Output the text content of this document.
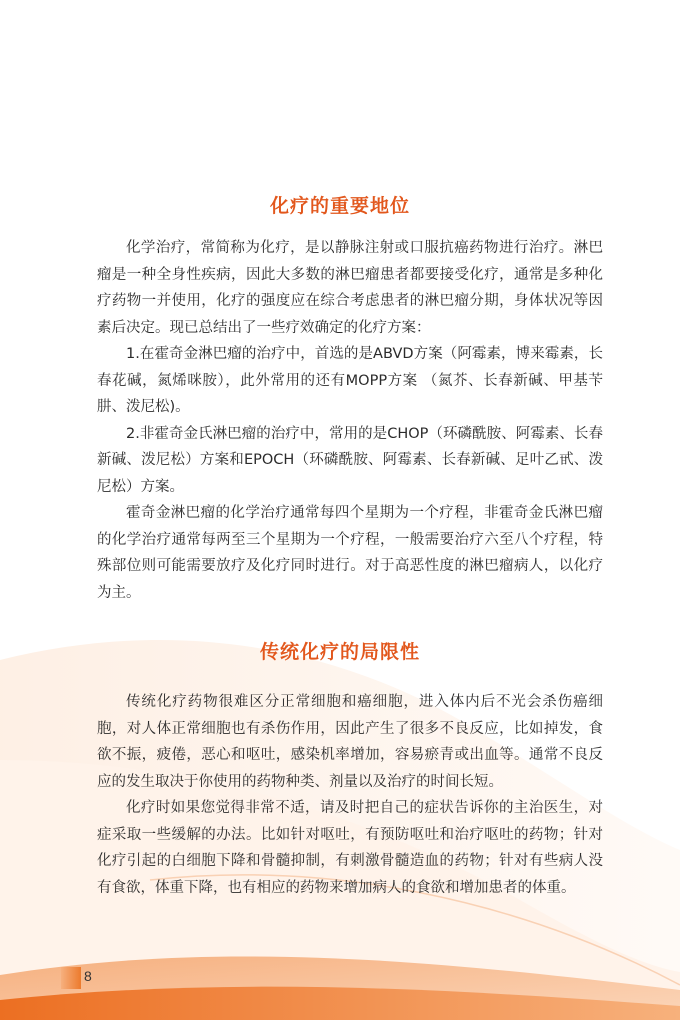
化疗的重要地位

化学治疗，常简称为化疗，是以静脉注射或口服抗癌药物进行治疗。淋巴瘤是一种全身性疾病，因此大多数的淋巴瘤患者都要接受化疗，通常是多种化疗药物一并使用，化疗的强度应在综合考虑患者的淋巴瘤分期，身体状况等因素后决定。现已总结出了一些疗效确定的化疗方案：

1.在霍奇金淋巴瘤的治疗中，首选的是ABVD方案（阿霉素，博来霉素，长春花碱，氮烯咪胺），此外常用的还有MOPP方案 （氮芥、长春新碱、甲基苄肼、泼尼松)。

2.非霍奇金氏淋巴瘤的治疗中，常用的是CHOP（环磷酰胺、阿霉素、长春新碱、泼尼松）方案和EPOCH（环磷酰胺、阿霉素、长春新碱、足叶乙甙、泼尼松）方案。

霍奇金淋巴瘤的化学治疗通常每四个星期为一个疗程，非霍奇金氏淋巴瘤的化学治疗通常每两至三个星期为一个疗程，一般需要治疗六至八个疗程，特殊部位则可能需要放疗及化疗同时进行。对于高恶性度的淋巴瘤病人，以化疗为主。

传统化疗的局限性

传统化疗药物很难区分正常细胞和癌细胞，进入体内后不光会杀伤癌细胞，对人体正常细胞也有杀伤作用，因此产生了很多不良反应，比如掉发，食欲不振，疲倦，恶心和呕吐，感染机率增加，容易瘀青或出血等。通常不良反应的发生取决于你使用的药物种类、剂量以及治疗的时间长短。

化疗时如果您觉得非常不适，请及时把自己的症状告诉你的主治医生，对症采取一些缓解的办法。比如针对呕吐，有预防呕吐和治疗呕吐的药物；针对化疗引起的白细胞下降和骨髓抑制，有刺激骨髓造血的药物；针对有些病人没有食欲，体重下降，也有相应的药物来增加病人的食欲和增加患者的体重。

8
